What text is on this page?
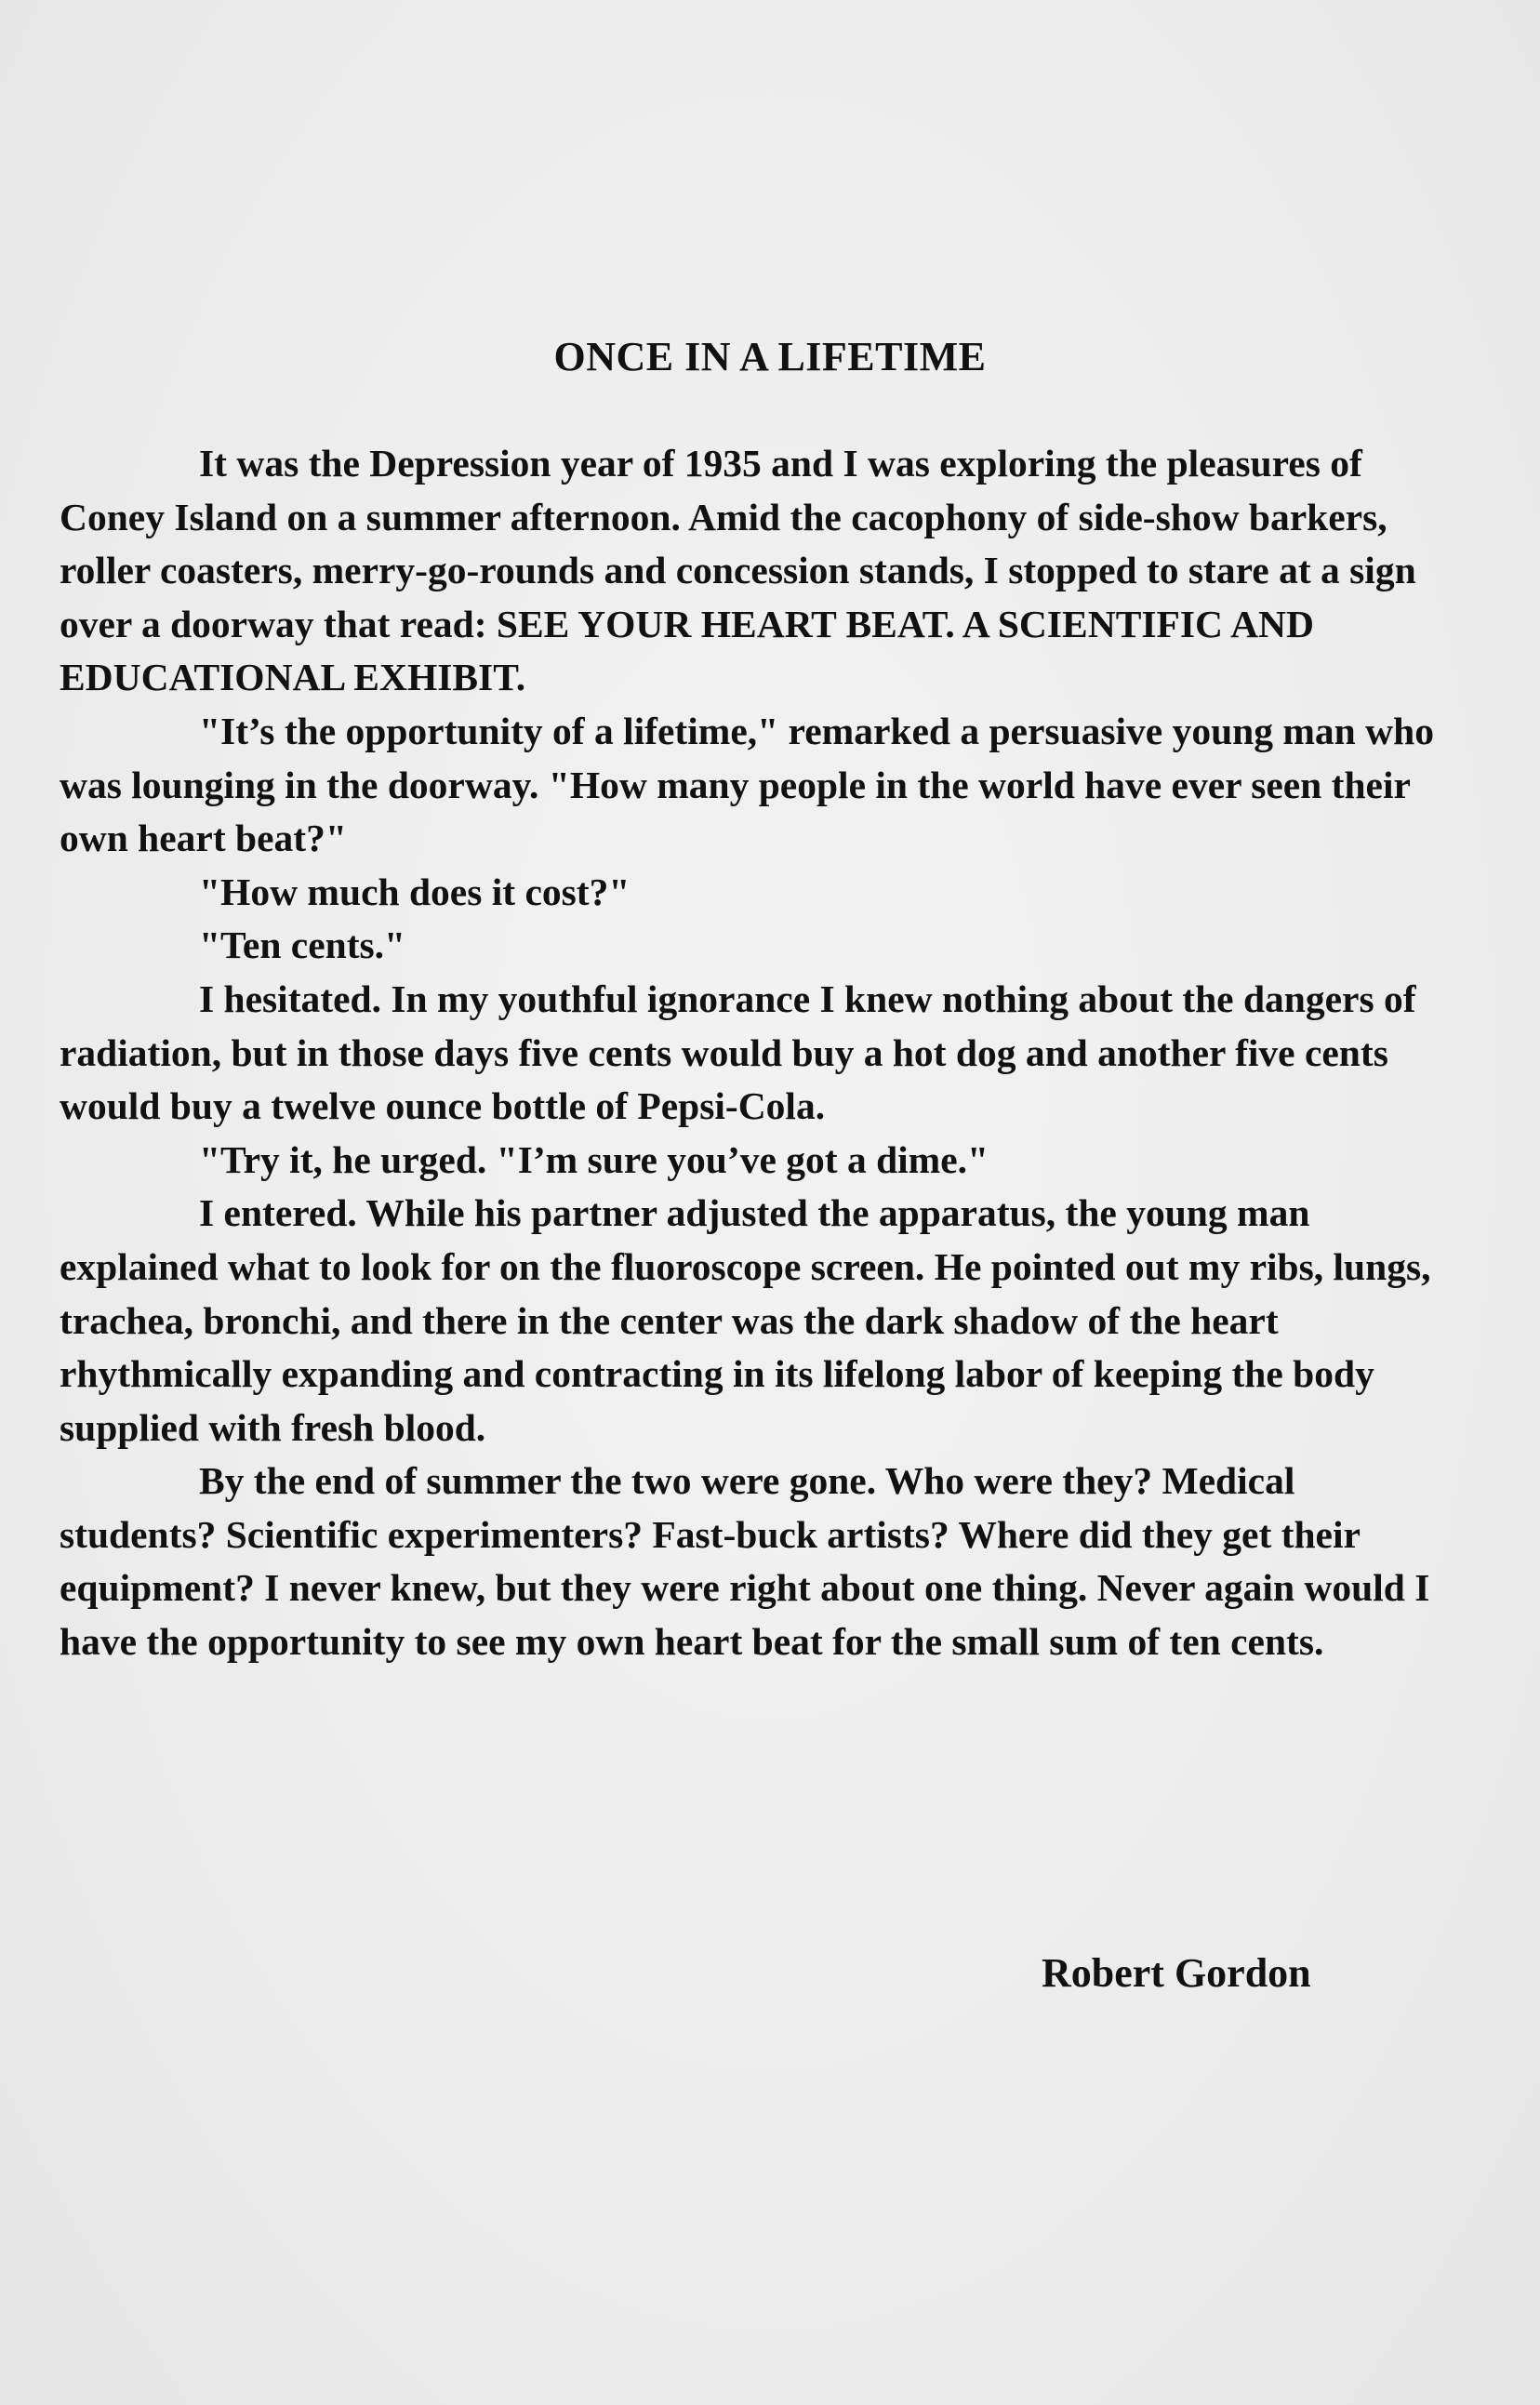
ONCE IN A LIFETIME

It was the Depression year of 1935 and I was exploring the pleasures of Coney Island on a summer afternoon. Amid the cacophony of side-show barkers, roller coasters, merry-go-rounds and concession stands, I stopped to stare at a sign over a doorway that read: SEE YOUR HEART BEAT. A SCIENTIFIC AND EDUCATIONAL EXHIBIT.

"It’s the opportunity of a lifetime," remarked a persuasive young man who was lounging in the doorway. "How many people in the world have ever seen their own heart beat?"

"How much does it cost?"

"Ten cents."

I hesitated. In my youthful ignorance I knew nothing about the dangers of radiation, but in those days five cents would buy a hot dog and another five cents would buy a twelve ounce bottle of Pepsi-Cola.

"Try it, he urged. "I’m sure you’ve got a dime."

I entered. While his partner adjusted the apparatus, the young man explained what to look for on the fluoroscope screen. He pointed out my ribs, lungs, trachea, bronchi, and there in the center was the dark shadow of the heart rhythmically expanding and contracting in its lifelong labor of keeping the body supplied with fresh blood.

By the end of summer the two were gone. Who were they? Medical students? Scientific experimenters? Fast-buck artists? Where did they get their equipment? I never knew, but they were right about one thing. Never again would I have the opportunity to see my own heart beat for the small sum of ten cents.

Robert Gordon
